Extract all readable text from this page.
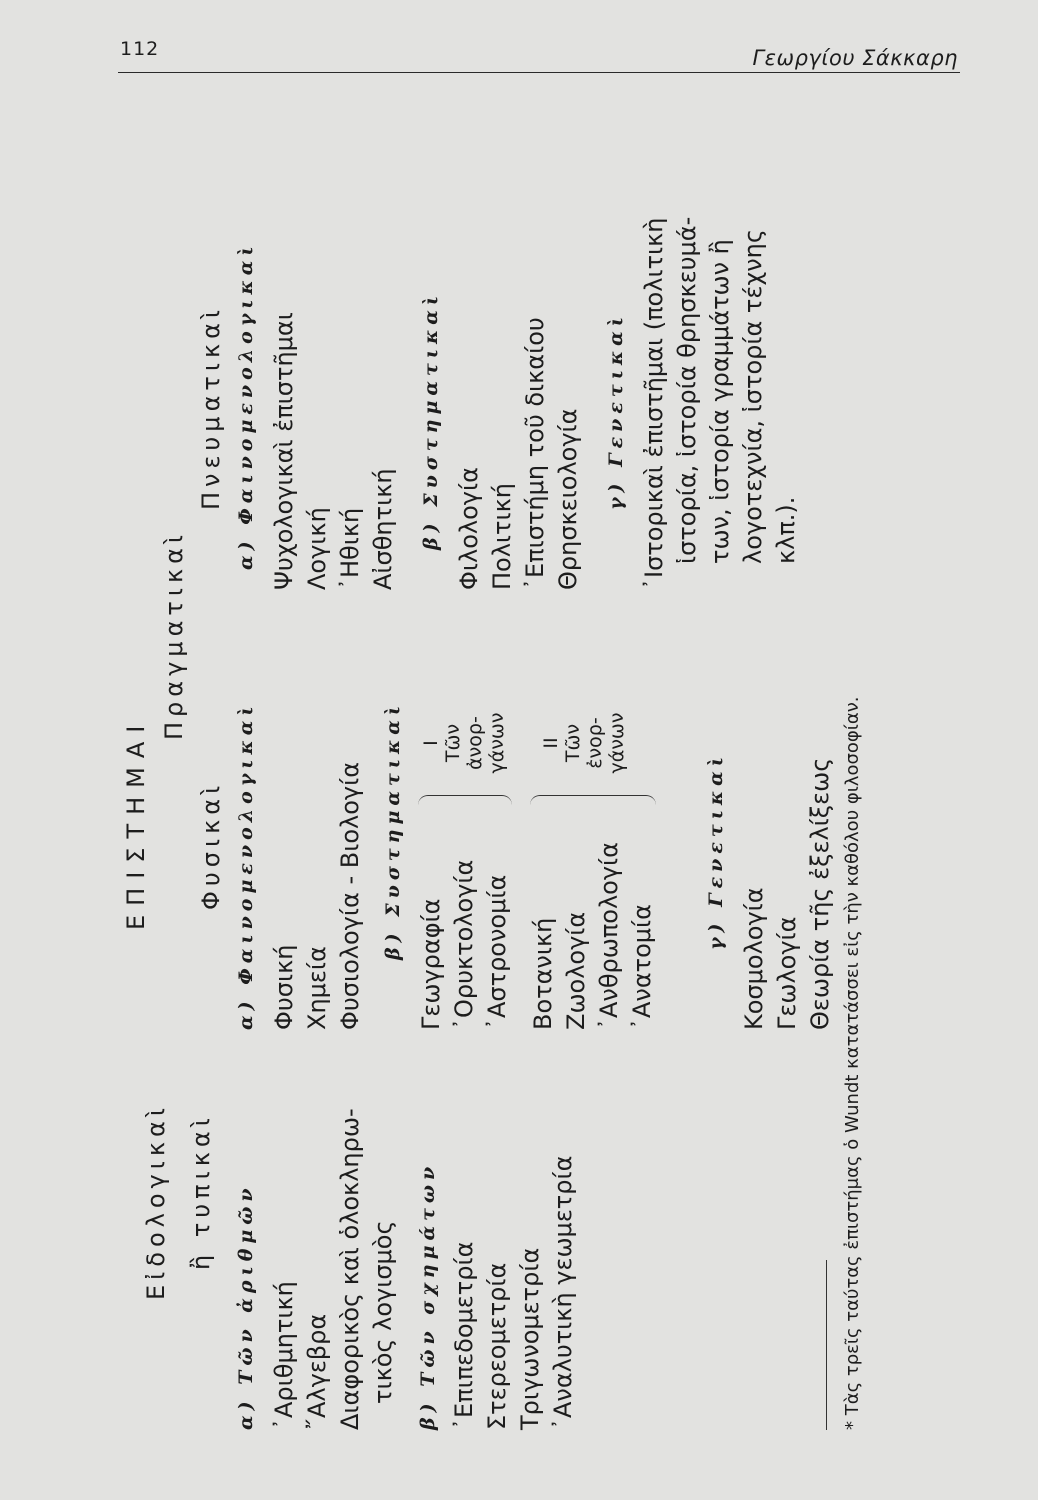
112	Γεωργίου Σάκκαρη
ΕΠΙΣΤΗΜΑΙ
Εἰδολογικαὶ ἢ τυπικαὶ α) Τῶν ἀριθμῶν ᾿Αριθμητική ῎Αλγεβρα Διαφορικὸς καὶ ὁλοκληρω- τικὸς λογισμὸς β) Τῶν σχημάτων ᾿Επιπεδομετρία Στερεομετρία Τριγωνομετρία ᾿Αναλυτικὴ γεωμετρία
Πραγματικαὶ
Φυσικαὶ α) Φαινομενολογικαὶ Φυσική Χημεία Φυσιολογία - Βιολογία β) Συστηματικαὶ
Γεωγραφία ᾿Ορυκτολογία ᾿Αστρονομία
I Τῶν ἀνορ- γάνων
Βοτανική Ζωολογία ᾿Ανθρωπολογία ᾿Ανατομία
II Τῶν ἐνορ- γάνων
γ) Γενετικαὶ
Κοσμολογία Γεωλογία Θεωρία τῆς ἐξελίξεως
Πνευματικαὶ α) Φαινομενολογικαὶ Ψυχολογικαὶ ἐπιστῆμαι Λογική ᾿Ηθική Αἰσθητική β) Συστηματικαὶ Φιλολογία Πολιτική ᾿Επιστήμη τοῦ δικαίου Θρησκειολογία γ) Γενετικαὶ ᾿Ιστορικαὶ ἐπιστῆμαι (πολιτικὴ ἱστορία, ἱστορία θρησκευμά- των, ἱστορία γραμμάτων ἢ λογοτεχνία, ἱστορία τέχνης κλπ.).
* Τὰς τρεῖς ταύτας ἐπιστήμας ὁ Wundt κατατάσσει εἰς τὴν καθόλου φιλοσοφίαν.
